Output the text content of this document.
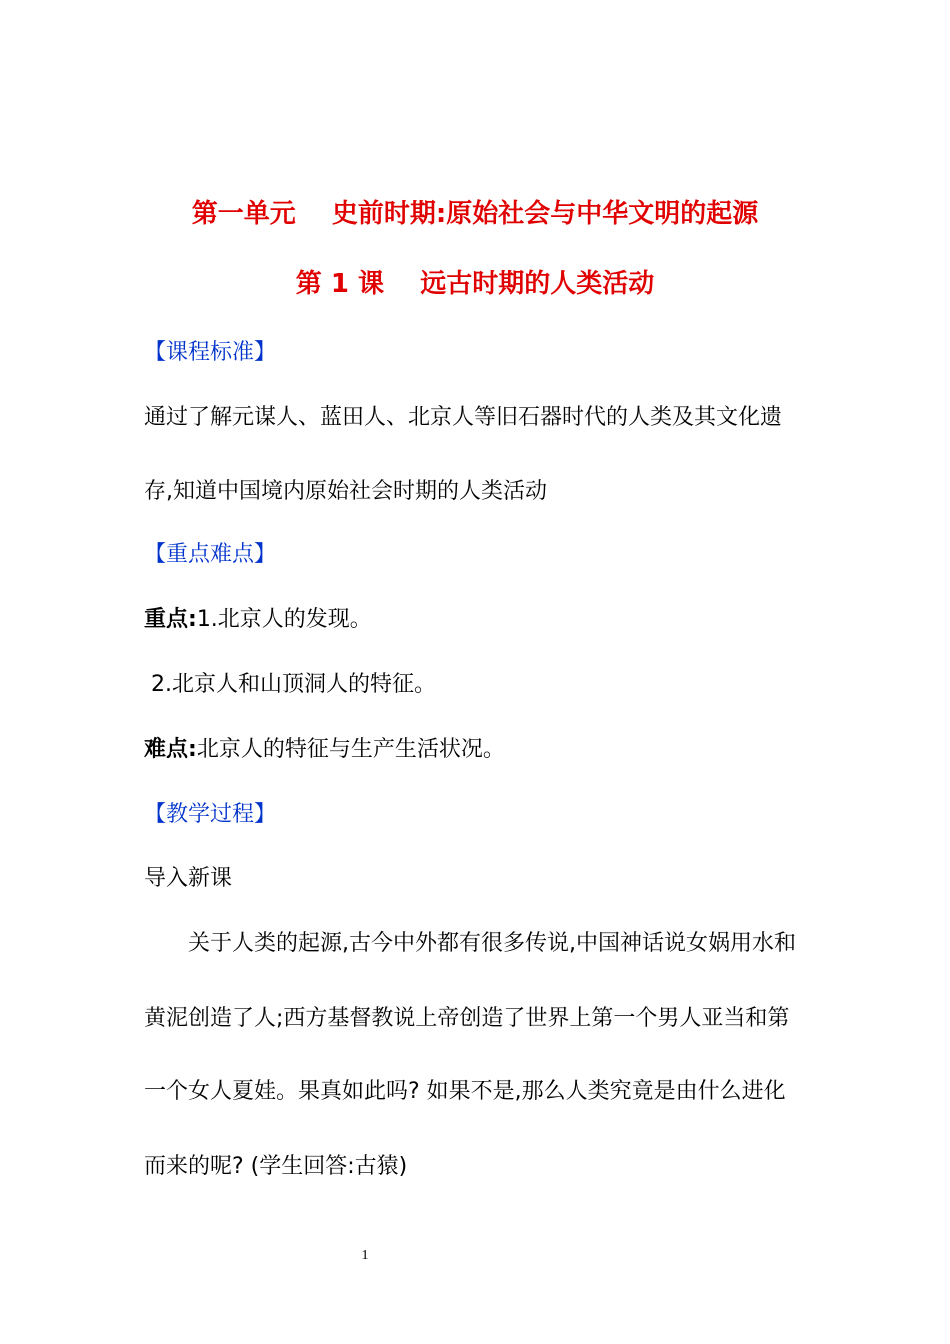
第一单元    史前时期:原始社会与中华文明的起源
第 1 课    远古时期的人类活动
【课程标准】
通过了解元谋人、蓝田人、北京人等旧石器时代的人类及其文化遗
存,知道中国境内原始社会时期的人类活动
【重点难点】
重点:1.北京人的发现。
2.北京人和山顶洞人的特征。
难点:北京人的特征与生产生活状况。
【教学过程】
导入新课
关于人类的起源,古今中外都有很多传说,中国神话说女娲用水和
黄泥创造了人;西方基督教说上帝创造了世界上第一个男人亚当和第
一个女人夏娃。果真如此吗? 如果不是,那么人类究竟是由什么进化
而来的呢? (学生回答:古猿)
1
